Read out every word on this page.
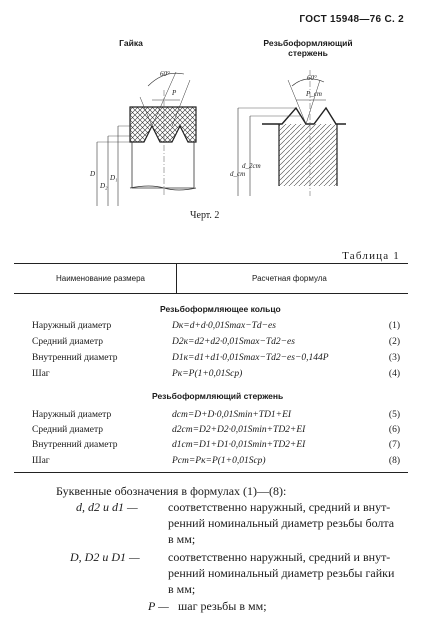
ГОСТ 15948—76 С. 2
Гайка	Резьбоформляющий
стержень
60°
P
D
D₂
D₁
60°
P_cm
d_cm
d_2cm
Черт. 2
Таблица 1
Наименование размера	Расчетная формула
Резьбоформляющее кольцо
Наружный диаметр	Dк=d+d·0,01Smax−Td−es	(1)
Средний диаметр	D2к=d2+d2·0,01Smax−Td2−es	(2)
Внутренний диаметр	D1к=d1+d1·0,01Smax−Td2−es−0,144P	(3)
Шаг	Pк=P(1+0,01Scp)	(4)
Резьбоформляющий стержень
Наружный диаметр	dст=D+D·0,01Smin+TD1+EI	(5)
Средний диаметр	d2ст=D2+D2·0,01Smin+TD2+EI	(6)
Внутренний диаметр	d1ст=D1+D1·0,01Smin+TD2+EI	(7)
Шаг	Pст=Pк=P(1+0,01Scp)	(8)
Буквенные обозначения в формулах (1)—(8):
d, d2 и d1 —	соответственно наружный, средний и внут-
ренний номинальный диаметр резьбы болта
в мм;
D, D2 и D1 — соответственно наружный, средний и внут-
ренний номинальный диаметр резьбы гайки
в мм;
P — шаг резьбы в мм;
